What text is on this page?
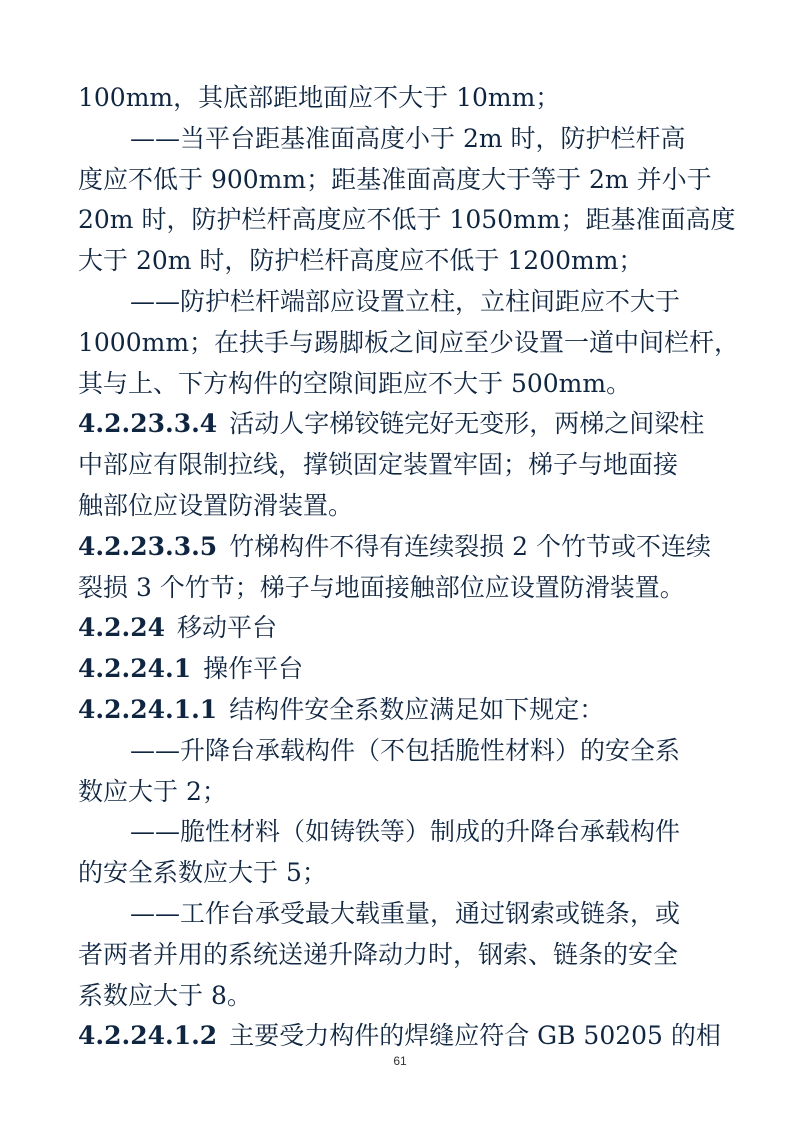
100mm，其底部距地面应不大于 10mm；
——当平台距基准面高度小于 2m 时，防护栏杆高
度应不低于 900mm；距基准面高度大于等于 2m 并小于
20m 时，防护栏杆高度应不低于 1050mm；距基准面高度
大于 20m 时，防护栏杆高度应不低于 1200mm；
——防护栏杆端部应设置立柱，立柱间距应不大于
1000mm；在扶手与踢脚板之间应至少设置一道中间栏杆，
其与上、下方构件的空隙间距应不大于 500mm。
4.2.23.3.4 活动人字梯铰链完好无变形，两梯之间梁柱
中部应有限制拉线，撑锁固定装置牢固；梯子与地面接
触部位应设置防滑装置。
4.2.23.3.5 竹梯构件不得有连续裂损 2 个竹节或不连续
裂损 3 个竹节；梯子与地面接触部位应设置防滑装置。
4.2.24 移动平台
4.2.24.1 操作平台
4.2.24.1.1 结构件安全系数应满足如下规定：
——升降台承载构件（不包括脆性材料）的安全系
数应大于 2；
——脆性材料（如铸铁等）制成的升降台承载构件
的安全系数应大于 5；
——工作台承受最大载重量，通过钢索或链条，或
者两者并用的系统送递升降动力时，钢索、链条的安全
系数应大于 8。
4.2.24.1.2 主要受力构件的焊缝应符合 GB 50205 的相
61
